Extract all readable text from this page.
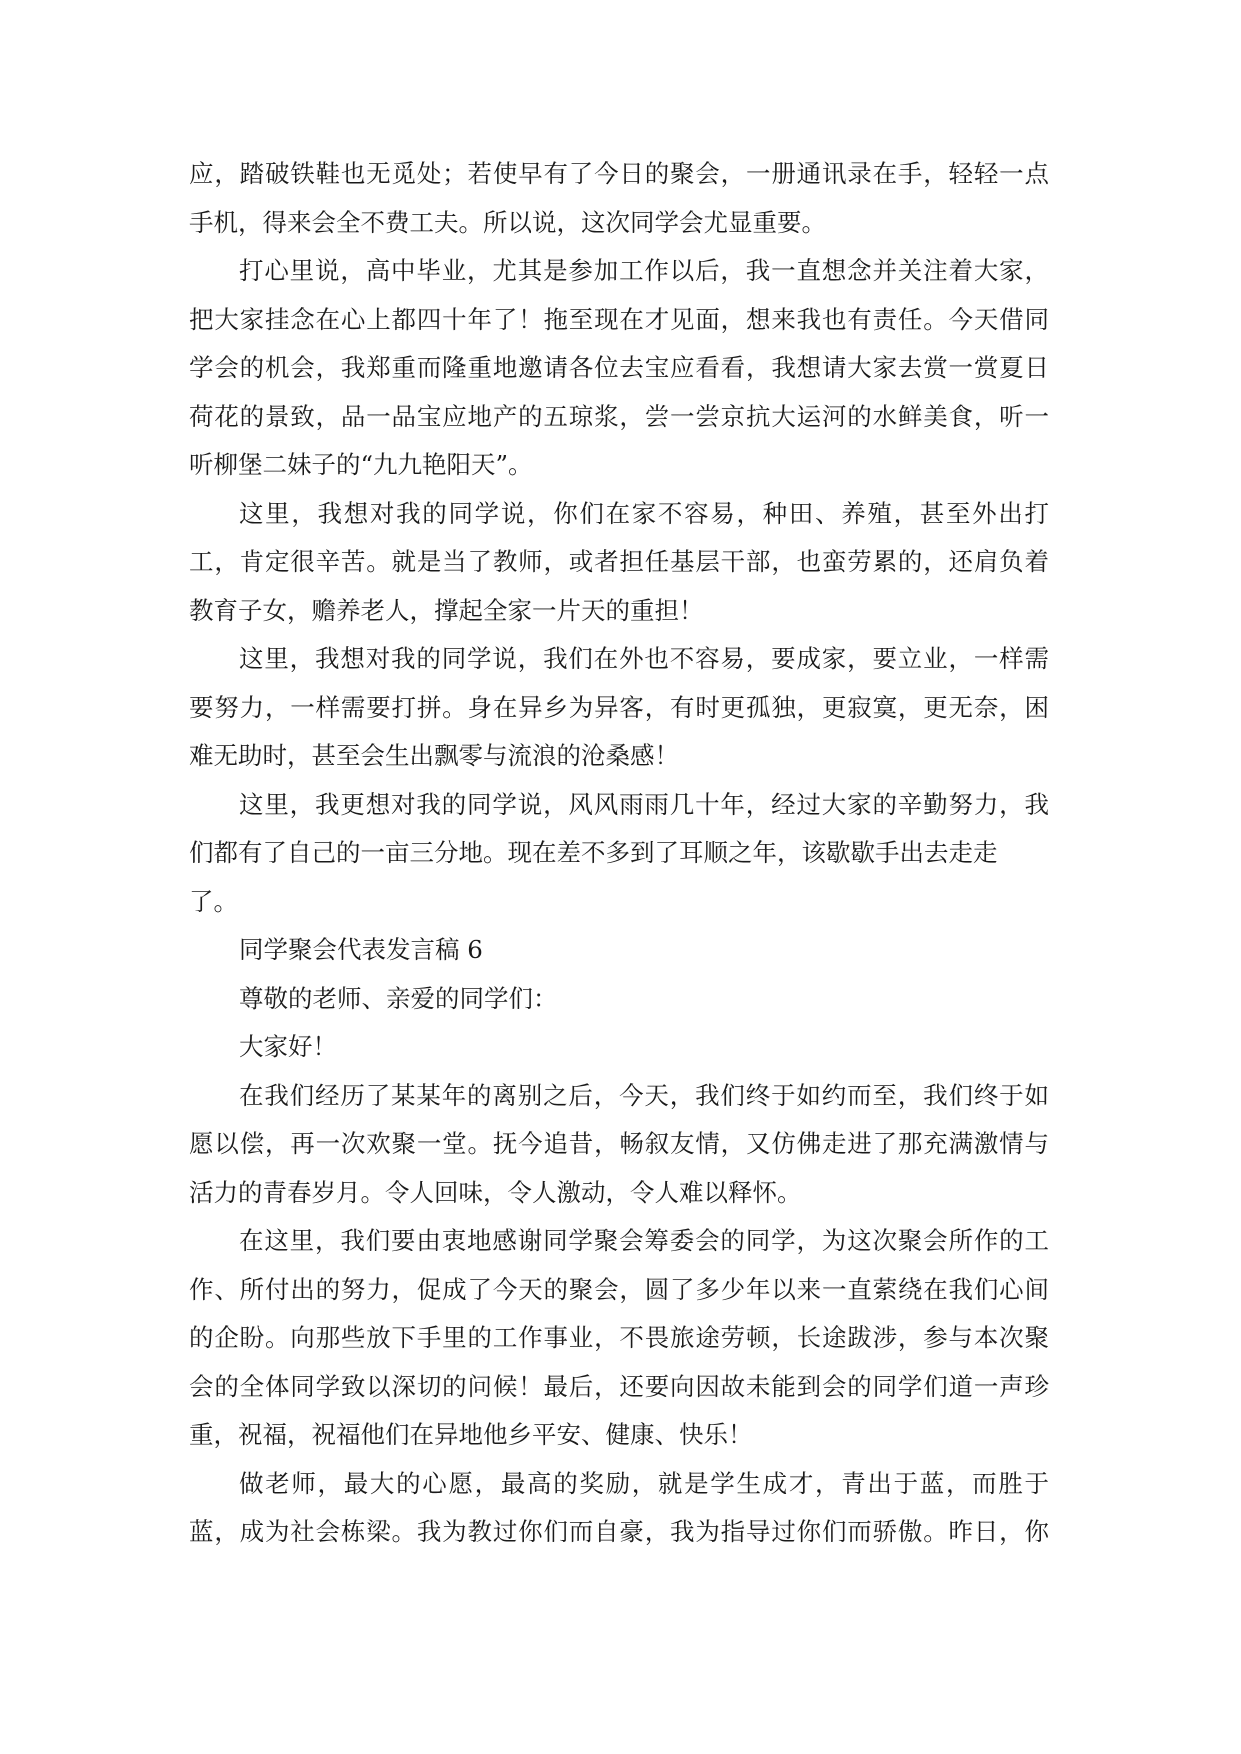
应，踏破铁鞋也无觅处；若使早有了今日的聚会，一册通讯录在手，轻轻一点
手机，得来会全不费工夫。所以说，这次同学会尤显重要。
打心里说，高中毕业，尤其是参加工作以后，我一直想念并关注着大家，
把大家挂念在心上都四十年了！拖至现在才见面，想来我也有责任。今天借同
学会的机会，我郑重而隆重地邀请各位去宝应看看，我想请大家去赏一赏夏日
荷花的景致，品一品宝应地产的五琼浆，尝一尝京抗大运河的水鲜美食，听一
听柳堡二妹子的“九九艳阳天”。
这里，我想对我的同学说，你们在家不容易，种田、养殖，甚至外出打
工，肯定很辛苦。就是当了教师，或者担任基层干部，也蛮劳累的，还肩负着
教育子女，赡养老人，撑起全家一片天的重担！
这里，我想对我的同学说，我们在外也不容易，要成家，要立业，一样需
要努力，一样需要打拼。身在异乡为异客，有时更孤独，更寂寞，更无奈，困
难无助时，甚至会生出飘零与流浪的沧桑感！
这里，我更想对我的同学说，风风雨雨几十年，经过大家的辛勤努力，我
们都有了自己的一亩三分地。现在差不多到了耳顺之年，该歇歇手出去走走
了。
同学聚会代表发言稿 6
尊敬的老师、亲爱的同学们：
大家好！
在我们经历了某某年的离别之后，今天，我们终于如约而至，我们终于如
愿以偿，再一次欢聚一堂。抚今追昔，畅叙友情，又仿佛走进了那充满激情与
活力的青春岁月。令人回味，令人激动，令人难以释怀。
在这里，我们要由衷地感谢同学聚会筹委会的同学，为这次聚会所作的工
作、所付出的努力，促成了今天的聚会，圆了多少年以来一直萦绕在我们心间
的企盼。向那些放下手里的工作事业，不畏旅途劳顿，长途跋涉，参与本次聚
会的全体同学致以深切的问候！最后，还要向因故未能到会的同学们道一声珍
重，祝福，祝福他们在异地他乡平安、健康、快乐！
做老师，最大的心愿，最高的奖励，就是学生成才，青出于蓝，而胜于
蓝，成为社会栋梁。我为教过你们而自豪，我为指导过你们而骄傲。昨日，你
